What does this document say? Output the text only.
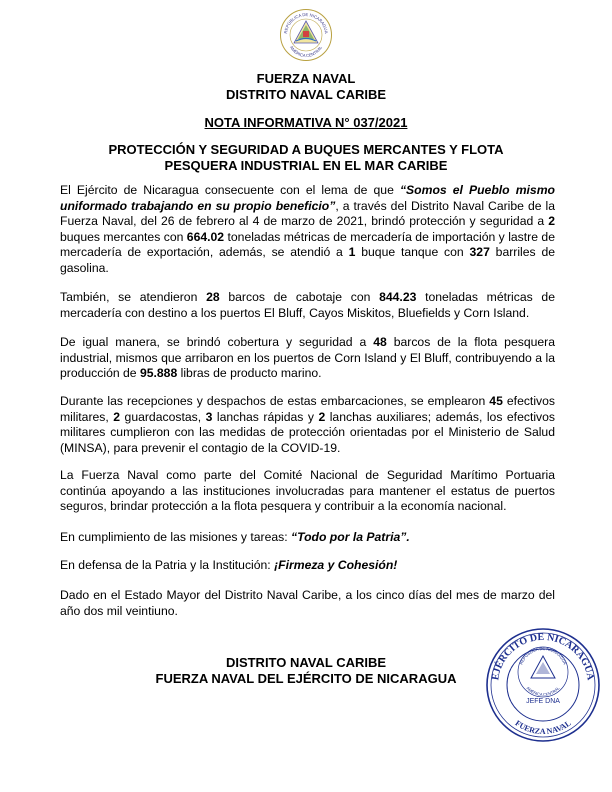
REPÚBLICA DE NICARAGUA
AMÉRICA CENTRAL
FUERZA NAVAL
DISTRITO NAVAL CARIBE
NOTA INFORMATIVA N° 037/2021
PROTECCIÓN Y SEGURIDAD A BUQUES MERCANTES Y FLOTA
PESQUERA INDUSTRIAL EN EL MAR CARIBE
El Ejército de Nicaragua consecuente con el lema de que “Somos el Pueblo mismo uniformado trabajando en su propio beneficio”, a través del Distrito Naval Caribe de la Fuerza Naval, del 26 de febrero al 4 de marzo de 2021, brindó protección y seguridad a 2 buques mercantes con 664.02 toneladas métricas de mercadería de importación y lastre de mercadería de exportación, además, se atendió a 1 buque tanque con 327 barriles de gasolina.
También, se atendieron 28 barcos de cabotaje con 844.23 toneladas métricas de mercadería con destino a los puertos El Bluff, Cayos Miskitos, Bluefields y Corn Island.
De igual manera, se brindó cobertura y seguridad a 48 barcos de la flota pesquera industrial, mismos que arribaron en los puertos de Corn Island y El Bluff, contribuyendo a la producción de 95.888 libras de producto marino.
Durante las recepciones y despachos de estas embarcaciones, se emplearon 45 efectivos militares, 2 guardacostas, 3 lanchas rápidas y 2 lanchas auxiliares; además, los efectivos militares cumplieron con las medidas de protección orientadas por el Ministerio de Salud (MINSA), para prevenir el contagio de la COVID-19.
La Fuerza Naval como parte del Comité Nacional de Seguridad Marítimo Portuaria continúa apoyando a las instituciones involucradas para mantener el estatus de puertos seguros, brindar protección a la flota pesquera y contribuir a la economía nacional.
En cumplimiento de las misiones y tareas: “Todo por la Patria”.
En defensa de la Patria y la Institución: ¡Firmeza y Cohesión!
Dado en el Estado Mayor del Distrito Naval Caribe, a los cinco días del mes de marzo del año dos mil veintiuno.
DISTRITO NAVAL CARIBE
FUERZA NAVAL DEL EJÉRCITO DE NICARAGUA	EJÉRCITO DE NICARAGUA
FUERZA NAVAL
REPÚBLICA DE NICARAGUA
AMÉRICA CENTRAL
JEFE DNA
